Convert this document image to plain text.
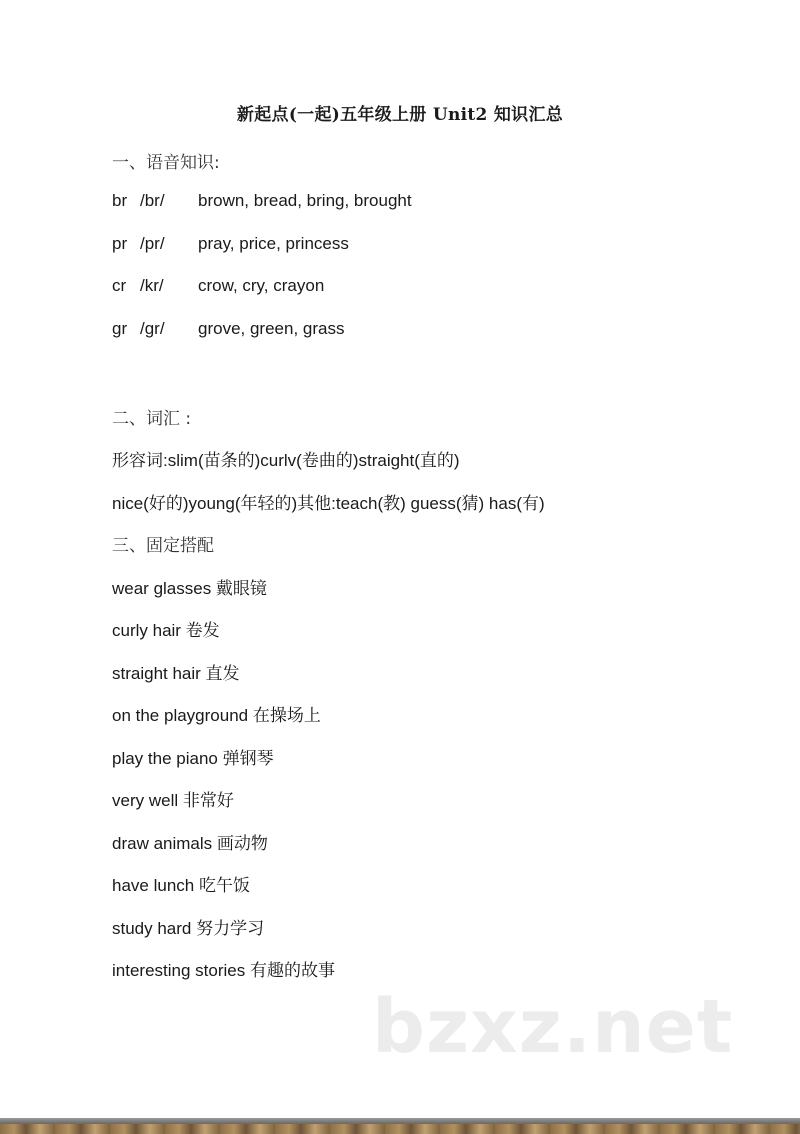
新起点(一起)五年级上册 Unit2 知识汇总
一、语音知识:
br /br/ brown, bread, bring, brought
pr /pr/ pray, price, princess
cr /kr/ crow, cry, crayon
gr /gr/ grove, green, grass
二、词汇 :
形容词:slim(苗条的)curlv(卷曲的)straight(直的)
nice(好的)young(年轻的)其他:teach(教) guess(猜) has(有)
三、固定搭配
wear glasses 戴眼镜
curly hair 卷发
straight hair 直发
on the playground 在操场上
play the piano 弹钢琴
very well 非常好
draw animals 画动物
have lunch 吃午饭
study hard 努力学习
interesting stories 有趣的故事
bzxz.net
